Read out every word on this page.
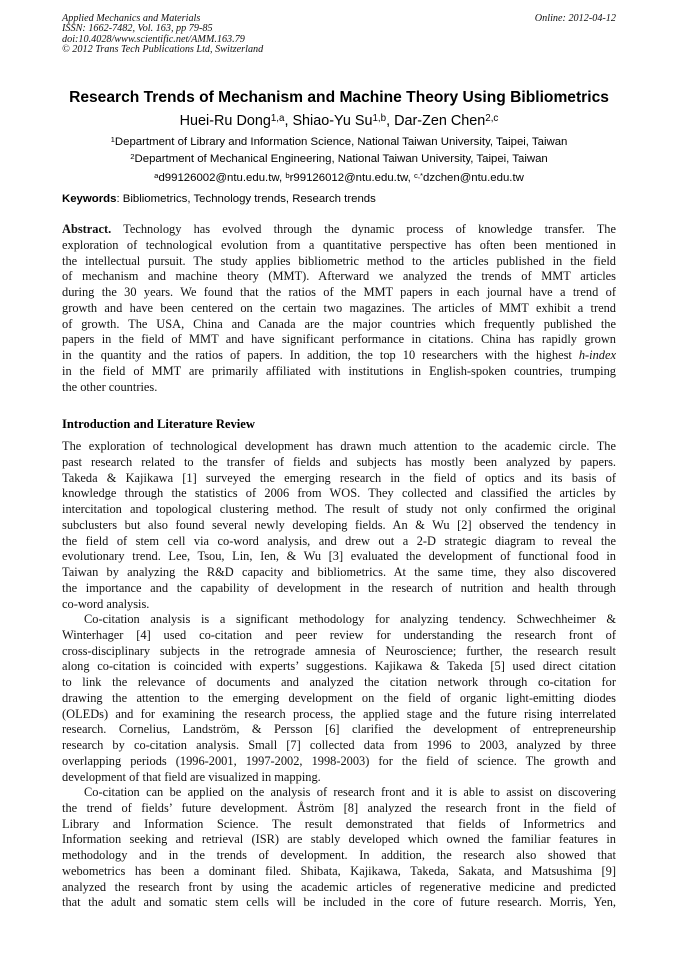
Applied Mechanics and Materials
ISSN: 1662-7482, Vol. 163, pp 79-85
doi:10.4028/www.scientific.net/AMM.163.79
© 2012 Trans Tech Publications Ltd, Switzerland
Online: 2012-04-12
Research Trends of Mechanism and Machine Theory Using Bibliometrics
Huei-Ru Dong$^{1,a}$, Shiao-Yu Su$^{1,b}$, Dar-Zen Chen$^{2,c}$
$^1$Department of Library and Information Science, National Taiwan University, Taipei, Taiwan
$^2$Department of Mechanical Engineering, National Taiwan University, Taipei, Taiwan
$^a$d99126002@ntu.edu.tw, $^b$r99126012@ntu.edu.tw, $^{c,*}$dzchen@ntu.edu.tw
Keywords: Bibliometrics, Technology trends, Research trends
Abstract. Technology has evolved through the dynamic process of knowledge transfer. The
exploration of technological evolution from a quantitative perspective has often been mentioned in
the intellectual pursuit. The study applies bibliometric method to the articles published in the field
of mechanism and machine theory (MMT). Afterward we analyzed the trends of MMT articles
during the 30 years. We found that the ratios of the MMT papers in each journal have a trend of
growth and have been centered on the certain two magazines. The articles of MMT exhibit a trend
of growth. The USA, China and Canada are the major countries which frequently published the
papers in the field of MMT and have significant performance in citations. China has rapidly grown
in the quantity and the ratios of papers. In addition, the top 10 researchers with the highest h-index
in the field of MMT are primarily affiliated with institutions in English-spoken countries, trumping
the other countries.
Introduction and Literature Review
The exploration of technological development has drawn much attention to the academic circle. The
past research related to the transfer of fields and subjects has mostly been analyzed by papers.
Takeda & Kajikawa [1] surveyed the emerging research in the field of optics and its basis of
knowledge through the statistics of 2006 from WOS. They collected and classified the articles by
intercitation and topological clustering method. The result of study not only confirmed the original
subclusters but also found several newly developing fields. An & Wu [2] observed the tendency in
the field of stem cell via co-word analysis, and drew out a 2-D strategic diagram to reveal the
evolutionary trend. Lee, Tsou, Lin, Ien, & Wu [3] evaluated the development of functional food in
Taiwan by analyzing the R&D capacity and bibliometrics. At the same time, they also discovered
the importance and the capability of development in the research of nutrition and health through
co-word analysis.
Co-citation analysis is a significant methodology for analyzing tendency. Schwechheimer &
Winterhager [4] used co-citation and peer review for understanding the research front of
cross-disciplinary subjects in the retrograde amnesia of Neuroscience; further, the research result
along co-citation is coincided with experts’ suggestions. Kajikawa & Takeda [5] used direct citation
to link the relevance of documents and analyzed the citation network through co-citation for
drawing the attention to the emerging development on the field of organic light-emitting diodes
(OLEDs) and for examining the research process, the applied stage and the future rising interrelated
research. Cornelius, Landström, & Persson [6] clarified the development of entrepreneurship
research by co-citation analysis. Small [7] collected data from 1996 to 2003, analyzed by three
overlapping periods (1996-2001, 1997-2002, 1998-2003) for the field of science. The growth and
development of that field are visualized in mapping.
Co-citation can be applied on the analysis of research front and it is able to assist on discovering
the trend of fields’ future development. Åström [8] analyzed the research front in the field of
Library and Information Science. The result demonstrated that fields of Informetrics and
Information seeking and retrieval (ISR) are stably developed which owned the familiar features in
methodology and in the trends of development. In addition, the research also showed that
webometrics has been a dominant filed. Shibata, Kajikawa, Takeda, Sakata, and Matsushima [9]
analyzed the research front by using the academic articles of regenerative medicine and predicted
that the adult and somatic stem cells will be included in the core of future research. Morris, Yen,
